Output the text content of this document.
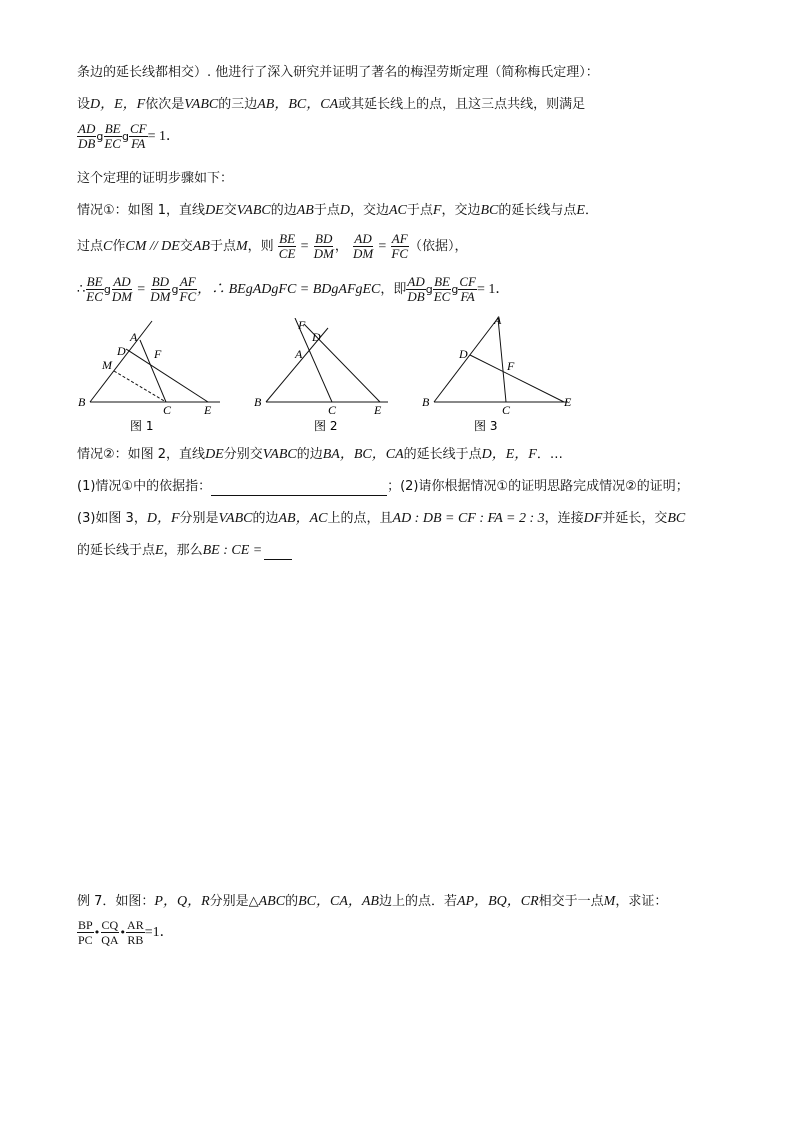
条边的延长线都相交）. 他进行了深入研究并证明了著名的梅涅劳斯定理（简称梅氏定理）：
设D，E，F依次是VABC的三边AB，BC，CA或其延长线上的点，且这三点共线，则满足
$\frac{AD}{DB}$ g $\frac{BE}{EC}$ g $\frac{CF}{FA} = 1$．
这个定理的证明步骤如下：
情况①：如图 1，直线DE交VABC的边AB于点D，交边AC于点F，交边BC的延长线与点E．
过点C作CM // DE交AB于点M，则 $\frac{BE}{CE} = \frac{BD}{DM}$ ， $\frac{AD}{DM} = \frac{AF}{FC}$ （依据），
∴ $\frac{BE}{EC}$ g $\frac{AD}{DM} = \frac{BD}{DM}$ g $\frac{AF}{FC}$ ，∴ BEgADgFC = BDgAFgEC，即 $\frac{AD}{DB}$ g $\frac{BE}{EC}$ g $\frac{CF}{FA} = 1$．
A
D F
M
B
C	E
图 1
F
D
A
B
C	E
图 2
A
D
F
B
C
E
图 3
情况②：如图 2，直线DE分别交VABC的边BA，BC，CA的延长线于点D，E，F．…
(1)情况①中的依据指：	；(2)请你根据情况①的证明思路完成情况②的证明；
(3)如图 3，D，F分别是VABC的边AB，AC上的点，且AD : DB = CF : FA = 2 : 3，连接DF并延长，交BC
的延长线于点E，那么BE : CE =
例 7．如图：P，Q，R分别是△ABC的BC，CA，AB边上的点．若AP，BQ，CR相交于一点M，求证：
$\frac{BP}{PC}$ • $\frac{CQ}{QA}$ • $\frac{AR}{RB} =1$．
